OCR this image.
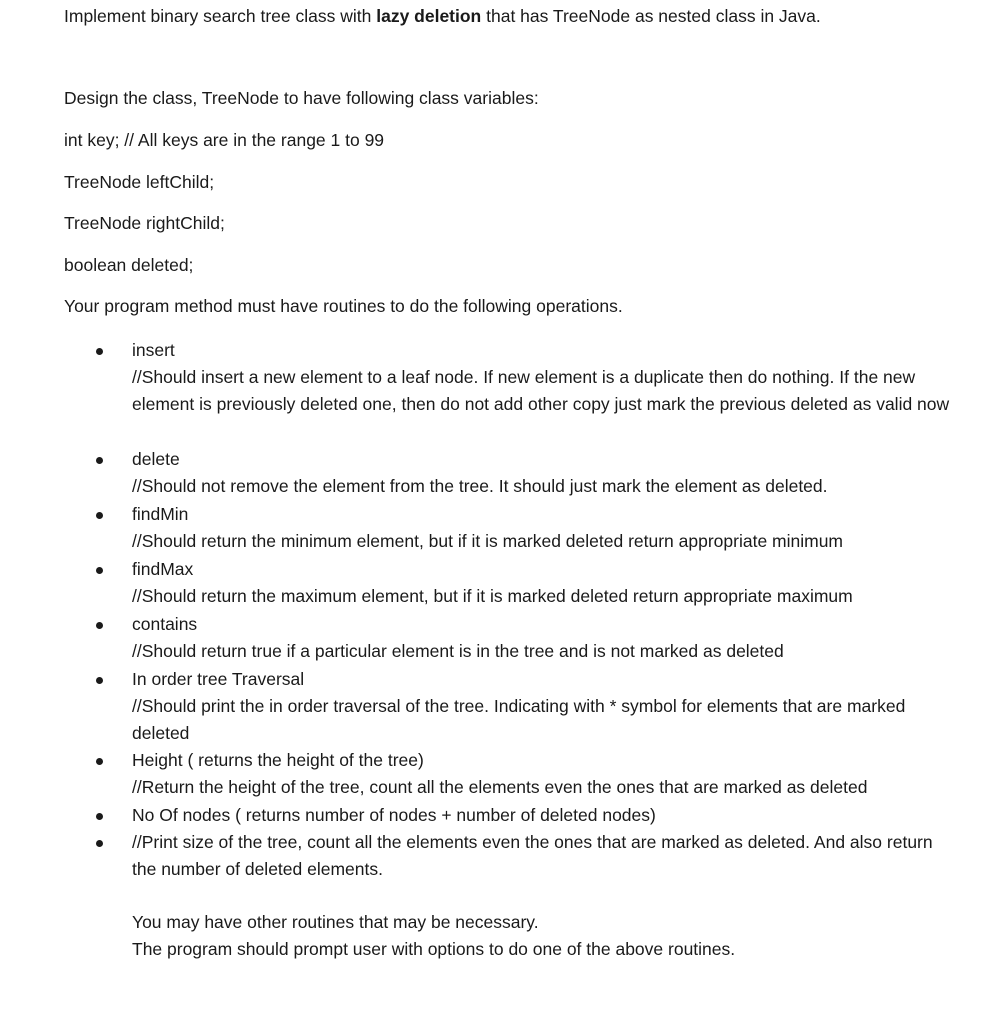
Implement binary search tree class with lazy deletion that has TreeNode as nested class in Java.
Design the class, TreeNode to have following class variables:
int key; // All keys are in the range 1 to 99
TreeNode leftChild;
TreeNode rightChild;
boolean deleted;
Your program method must have routines to do the following operations.
insert
//Should insert a new element to a leaf node. If new element is a duplicate then do nothing. If the new element is previously deleted one, then do not add other copy just mark the previous deleted as valid now
delete
//Should not remove the element from the tree. It should just mark the element as deleted.
findMin
//Should return the minimum element, but if it is marked deleted return appropriate minimum
findMax
//Should return the maximum element, but if it is marked deleted return appropriate maximum
contains
//Should return true if a particular element is in the tree and is not marked as deleted
In order tree Traversal
//Should print the in order traversal of the tree. Indicating with * symbol for elements that are marked deleted
Height ( returns the height of the tree)
//Return the height of the tree, count all the elements even the ones that are marked as deleted
No Of nodes ( returns number of nodes + number of deleted nodes)
//Print size of the tree, count all the elements even the ones that are marked as deleted. And also return the number of deleted elements.
You may have other routines that may be necessary.
The program should prompt user with options to do one of the above routines.
